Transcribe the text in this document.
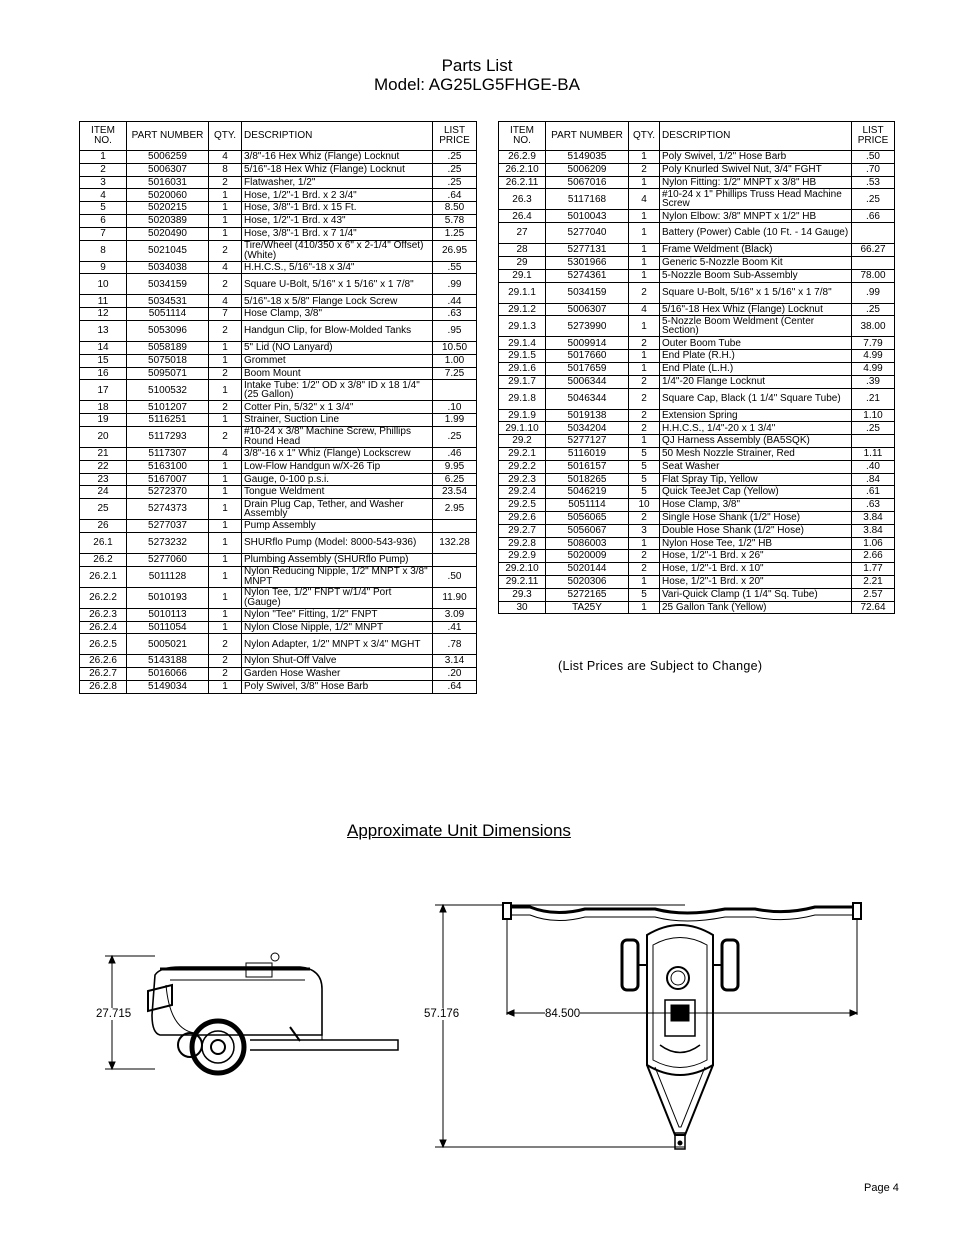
Parts List
Model: AG25LG5FHGE-BA
ITEM NO.	PART NUMBER	QTY.	DESCRIPTION	LIST PRICE
1	5006259	4	3/8"-16 Hex Whiz (Flange) Locknut	.25
2	5006307	8	5/16"-18 Hex Whiz (Flange) Locknut	.25
3	5016031	2	Flatwasher, 1/2"	.25
4	5020060	1	Hose, 1/2"-1 Brd. x 2 3/4"	.64
5	5020215	1	Hose, 3/8"-1 Brd. x 15 Ft.	8.50
6	5020389	1	Hose, 1/2"-1 Brd. x 43"	5.78
7	5020490	1	Hose, 3/8"-1 Brd. x 7 1/4"	1.25
8	5021045	2	Tire/Wheel (410/350 x 6" x 2-1/4" Offset) (White)	26.95
9	5034038	4	H.H.C.S., 5/16"-18 x 3/4"	.55
10	5034159	2	Square U-Bolt, 5/16" x 1 5/16" x 1 7/8"	.99
11	5034531	4	5/16"-18 x 5/8" Flange Lock Screw	.44
12	5051114	7	Hose Clamp, 3/8"	.63
13	5053096	2	Handgun Clip, for Blow-Molded Tanks	.95
14	5058189	1	5" Lid (NO Lanyard)	10.50
15	5075018	1	Grommet	1.00
16	5095071	2	Boom Mount	7.25
17	5100532	1	Intake Tube: 1/2" OD x 3/8" ID x 18 1/4" (25 Gallon)	
18	5101207	2	Cotter Pin, 5/32" x 1 3/4"	.10
19	5116251	1	Strainer, Suction Line	1.99
20	5117293	2	#10-24 x 3/8" Machine Screw, Phillips Round Head	.25
21	5117307	4	3/8"-16 x 1" Whiz (Flange) Lockscrew	.46
22	5163100	1	Low-Flow Handgun w/X-26 Tip	9.95
23	5167007	1	Gauge, 0-100 p.s.i.	6.25
24	5272370	1	Tongue Weldment	23.54
25	5274373	1	Drain Plug Cap, Tether, and Washer Assembly	2.95
26	5277037	1	Pump Assembly	
26.1	5273232	1	SHURflo Pump (Model: 8000-543-936)	132.28
26.2	5277060	1	Plumbing Assembly (SHURflo Pump)	
26.2.1	5011128	1	Nylon Reducing Nipple, 1/2" MNPT x 3/8" MNPT	.50
26.2.2	5010193	1	Nylon Tee, 1/2" FNPT w/1/4" Port (Gauge)	11.90
26.2.3	5010113	1	Nylon "Tee" Fitting, 1/2" FNPT	3.09
26.2.4	5011054	1	Nylon Close Nipple, 1/2" MNPT	.41
26.2.5	5005021	2	Nylon Adapter, 1/2" MNPT x 3/4" MGHT	.78
26.2.6	5143188	2	Nylon Shut-Off Valve	3.14
26.2.7	5016066	2	Garden Hose Washer	.20
26.2.8	5149034	1	Poly Swivel, 3/8" Hose Barb	.64
ITEM NO.	PART NUMBER	QTY.	DESCRIPTION	LIST PRICE
26.2.9	5149035	1	Poly Swivel, 1/2" Hose Barb	.50
26.2.10	5006209	2	Poly Knurled Swivel Nut, 3/4" FGHT	.70
26.2.11	5067016	1	Nylon Fitting: 1/2" MNPT x 3/8" HB	.53
26.3	5117168	4	#10-24 x 1" Phillips Truss Head Machine Screw	.25
26.4	5010043	1	Nylon Elbow: 3/8" MNPT x 1/2" HB	.66
27	5277040	1	Battery (Power) Cable (10 Ft. - 14 Gauge)	
28	5277131	1	Frame Weldment (Black)	66.27
29	5301966	1	Generic 5-Nozzle Boom Kit	
29.1	5274361	1	5-Nozzle Boom Sub-Assembly	78.00
29.1.1	5034159	2	Square U-Bolt, 5/16" x 1 5/16" x 1 7/8"	.99
29.1.2	5006307	4	5/16"-18 Hex Whiz (Flange) Locknut	.25
29.1.3	5273990	1	5-Nozzle Boom Weldment (Center Section)	38.00
29.1.4	5009914	2	Outer Boom Tube	7.79
29.1.5	5017660	1	End Plate (R.H.)	4.99
29.1.6	5017659	1	End Plate (L.H.)	4.99
29.1.7	5006344	2	1/4"-20 Flange Locknut	.39
29.1.8	5046344	2	Square Cap, Black (1 1/4" Square Tube)	.21
29.1.9	5019138	2	Extension Spring	1.10
29.1.10	5034204	2	H.H.C.S., 1/4"-20 x 1 3/4"	.25
29.2	5277127	1	QJ Harness Assembly (BA5SQK)	
29.2.1	5116019	5	50 Mesh Nozzle Strainer, Red	1.11
29.2.2	5016157	5	Seat Washer	.40
29.2.3	5018265	5	Flat Spray Tip, Yellow	.84
29.2.4	5046219	5	Quick TeeJet Cap (Yellow)	.61
29.2.5	5051114	10	Hose Clamp, 3/8"	.63
29.2.6	5056065	2	Single Hose Shank (1/2" Hose)	3.84
29.2.7	5056067	3	Double Hose Shank (1/2" Hose)	3.84
29.2.8	5086003	1	Nylon Hose Tee, 1/2" HB	1.06
29.2.9	5020009	2	Hose, 1/2"-1 Brd. x 26"	2.66
29.2.10	5020144	2	Hose, 1/2"-1 Brd. x 10"	1.77
29.2.11	5020306	1	Hose, 1/2"-1 Brd. x 20"	2.21
29.3	5272165	5	Vari-Quick Clamp (1 1/4" Sq. Tube)	2.57
30	TA25Y	1	25 Gallon Tank (Yellow)	72.64
(List Prices are Subject to Change)
Approximate Unit Dimensions
27.715	57.176	84.500
Page 4
